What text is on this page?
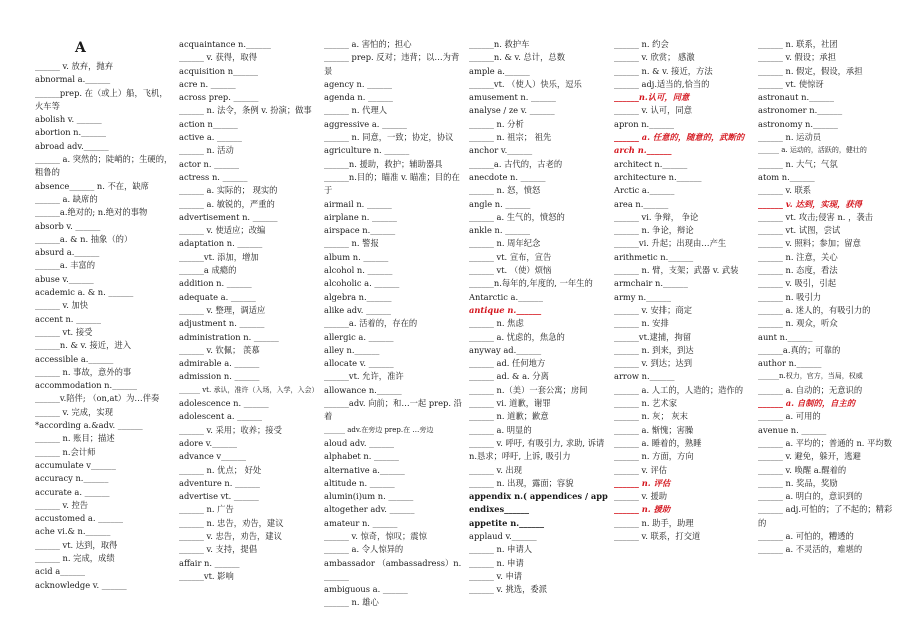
A
______ v. 放弃，抛弃
abnormal a.______
______prep. 在（或上）船，飞机，火车等
abolish v. ______
abortion n.______
abroad adv.______
______ a. 突然的；陡峭的；生硬的，粗鲁的
absence______ n. 不在，缺席
______ a. 缺席的
______a.绝对的; n.绝对的事物
absorb v. ______
______a. & n. 抽象（的）
absurd a.______
______a. 丰富的
abuse v.______
academic a. & n. ______
______ v. 加快
accent n. ______
______ vt. 接受
______n. & v. 接近，进入
accessible a.______
______ n. 事故，意外的事
accommodation n.______
______v.陪伴; （on,at）为…伴奏
______ v. 完成，实现
*according a.&adv. ______
______ n. 账目；描述
______ n.会计师
accumulate v______
accuracy n.______
accurate a. ______
______ v. 控告
accustomed a. ______
ache vi.& n.______
______ vt. 达到，取得
______ n. 完成，成绩
acid a______
acknowledge v. ______
acquaintance n.______
______ v. 获得，取得
acquisition n______
acre n. ______
across prep. ______
______ n. 法令，条例 v. 扮演；做事
action n______
active a. ______
______ n. 活动
actor n. ______
actress n. ______
______ a. 实际的； 现实的
______ a. 敏锐的，严重的
advertisement n. ______
______ v. 使适应；改编
adaptation n. ______
______vt. 添加，增加
______a 成瘾的
addition n. ______
adequate a. ______
______ v. 整理，调适应
adjustment n. ______
administration n. ______
______ v. 钦佩； 羡慕
admirable a. ______
admission n. ______
______ vt. 承认，准许（入场，入学，入会）
adolescence n. ______
adolescent a. ______
______ v. 采用；收养；接受
adore v.______
advance v______
______ n. 优点； 好处
adventure n. ______
advertise vt. ______
______ n. 广告
______ n. 忠告，劝告，建议
______ v. 忠告，劝告，建议
______ v. 支持，提倡
affair n. ______
______vt. 影响
______ a. 害怕的；担心
______ prep. 反对；违背；以…为背景
agency n. ______
agenda n. ______
______ n. 代理人
aggressive a. ______
______ n. 同意，一致；协定，协议
agriculture n. ______
______n. 援助，救护；辅助器具
______n.目的；瞄准 v. 瞄准；目的在于
airmail n. ______
airplane n. ______
airspace n.______
______ n. 警报
album n. ______
alcohol n. ______
alcoholic a. ______
algebra n.______
alike adv. ______
______a. 活着的，存在的
allergic a. ______
alley n.______
allocate v. ______
______vt. 允许，准许
allowance n.______
______adv. 向前；和…一起 prep. 沿着
______ adv.在旁边 prep.在 …旁边
aloud adv. ______
alphabet n. ______
alternative a.______
altitude n. ______
alumin(i)um n. ______
altogether adv. ______
amateur n. ______
______ v. 惊奇，惊叹；震惊
______ a. 令人惊异的
ambassador （ambassadress）n.______
ambiguous a. ______
______ n. 雄心
______n. 救护车
______n. & v. 总计，总数
ample a.______
______vt. （使人）快乐，逗乐
amusement n. ______
analyse / ze v. ______
______ n. 分析
______ n. 祖宗； 祖先
anchor v.______
______a. 古代的，古老的
anecdote n. ______
______ n. 怒，愤怒
angle n. ______
______ a. 生气的，愤怒的
ankle n. ______
______ n. 周年纪念
______ vt. 宣布，宣告
______ vt. （使）烦恼
______n.每年的,年度的, 一年生的
Antarctic a.______
antique n.______
______ n. 焦虑
______ a. 忧虑的，焦急的
anyway ad.______
______ ad. 任何地方
______ ad. & a. 分离
______ n.（美）一套公寓；房间
______ vi. 道歉，谢罪
______ n. 道歉；歉意
______ a. 明显的
______ v. 呼吁, 有吸引力, 求助, 诉请 n.恳求；呼吁, 上诉, 吸引力
______ v. 出现
______ n. 出现，露面；容貌
appendix n.( appendices / appendixes______
appetite n.______
applaud v.______
______ n. 申请人
______ n. 申请
______ v. 申请
______ v. 挑选，委派
______ n. 约会
______ v. 欣赏； 感激
______ n. & v. 接近，方法
______ adj.适当的,恰当的
______n.认可，同意
______ v. 认可，同意
apron n.______
______ a. 任意的，随意的，武断的
arch n.______
architect n.______
architecture n.______
Arctic a.______
area n.______
______ vi. 争辩， 争论
______ n. 争论，辩论
______vi. 升起；出现由…产生
arithmetic n.______
______ n. 臂，支架；武器 v. 武装
armchair n.______
army n.______
______ v. 安排；商定
______ n. 安排
______vt.逮捕，拘留
______ n. 到来，到达
______ v. 到达；达到
arrow n.______
______ a. 人工的，人造的；造作的
______ n. 艺术家
______ n. 灰； 灰末
______ a. 惭愧；害臊
______ a. 睡着的，熟睡
______ n. 方面，方向
______ v. 评估
______ n. 评估
______ v. 援助
______ n. 援助
______ n. 助手，助理
______ v. 联系，打交道
______ n. 联系，社团
______ v. 假设；承担
______ n. 假定，假设，承担
______ vt. 使惊讶
astronaut n.______
astronomer n.______
astronomy n.______
______ n. 运动员
______ a. 运动的，活跃的，健壮的
______ n. 大气；气氛
atom n.______
______ v. 联系
______ v. 达到，实现，获得
______ vt. 攻击;侵害 n. ，袭击
______ vt. 试图，尝试
______ v. 照料；参加；留意
______ n. 注意，关心
______ n. 态度，看法
______ v. 吸引，引起
______ n. 吸引力
______ a. 迷人的，有吸引力的
______ n. 观众，听众
aunt n.______
______a.真的；可靠的
author n.______
______n.权力，官方，当局，权威
______ a. 自动的；无意识的
______ a. 自制的，自主的
______ a. 可用的
avenue n. ______
______ a. 平均的；普通的 n. 平均数
______ v. 避免，躲开，逃避
______ v. 唤醒 a.醒着的
______ n. 奖品，奖励
______ a. 明白的，意识到的
______ adj.可怕的；了不起的；精彩的
______ a. 可怕的，糟透的
______ a. 不灵活的，难堪的
